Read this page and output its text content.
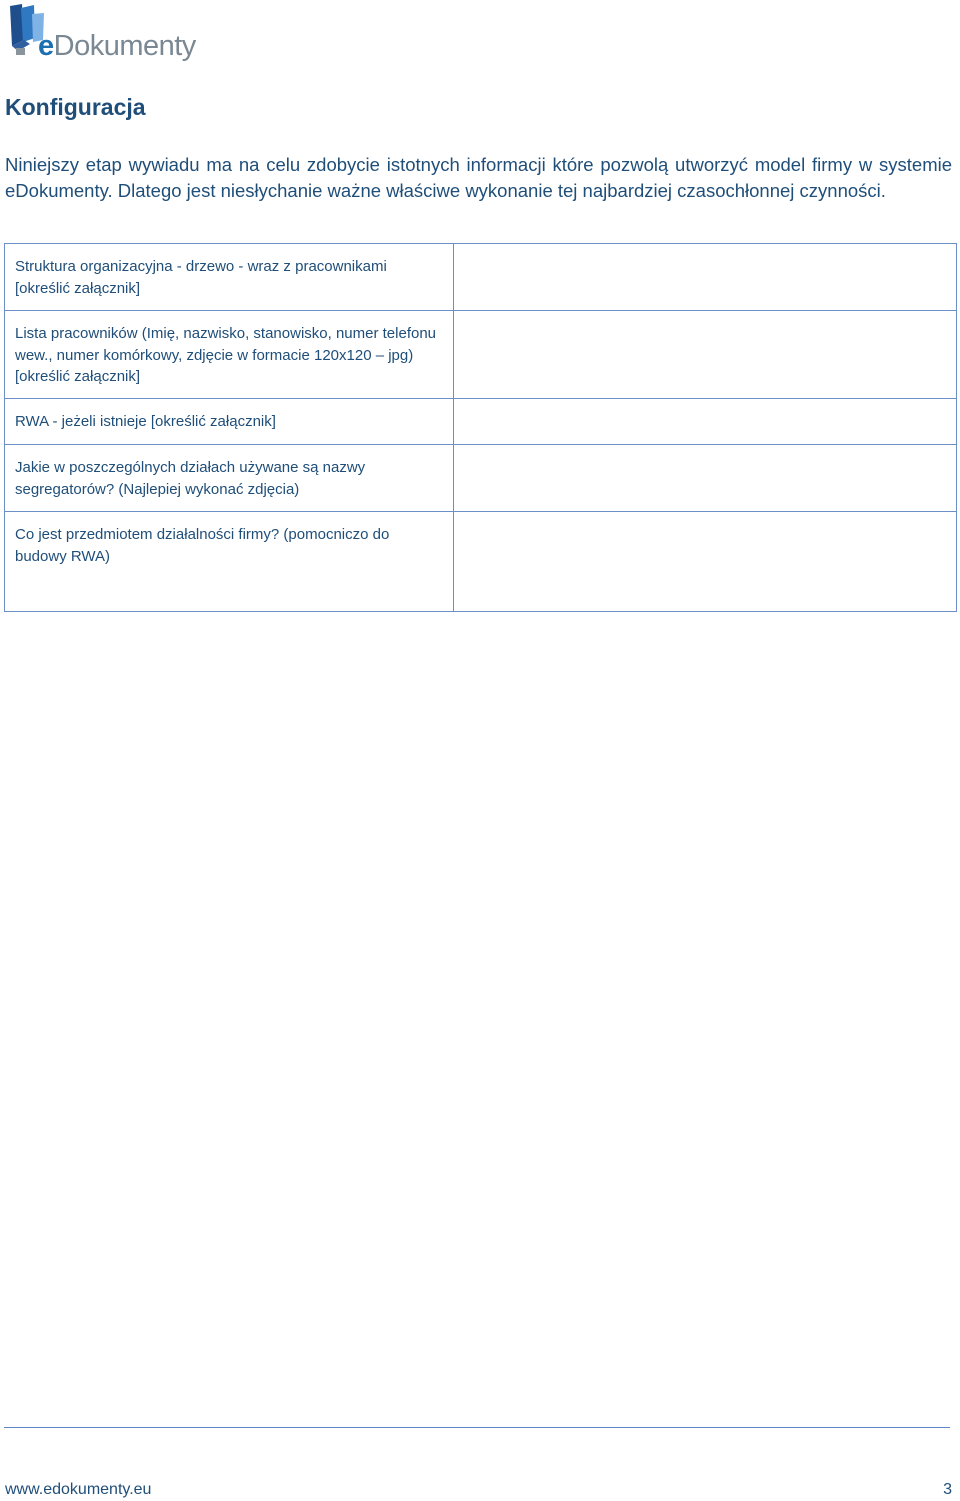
eDokumenty
Konfiguracja

Niniejszy etap wywiadu ma na celu zdobycie istotnych informacji które pozwolą utworzyć model firmy w systemie eDokumenty. Dlatego jest niesłychanie ważne właściwe wykonanie tej najbardziej czasochłonnej czynności.

Struktura organizacyjna - drzewo - wraz z pracownikami [określić załącznik]	
Lista pracowników (Imię, nazwisko, stanowisko, numer telefonu wew., numer komórkowy, zdjęcie w formacie 120x120 – jpg) [określić załącznik]	
RWA - jeżeli istnieje [określić załącznik]	
Jakie w poszczególnych działach używane są nazwy segregatorów? (Najlepiej wykonać zdjęcia)	
Co jest przedmiotem działalności firmy? (pomocniczo do budowy RWA)	
www.edokumenty.eu	3
